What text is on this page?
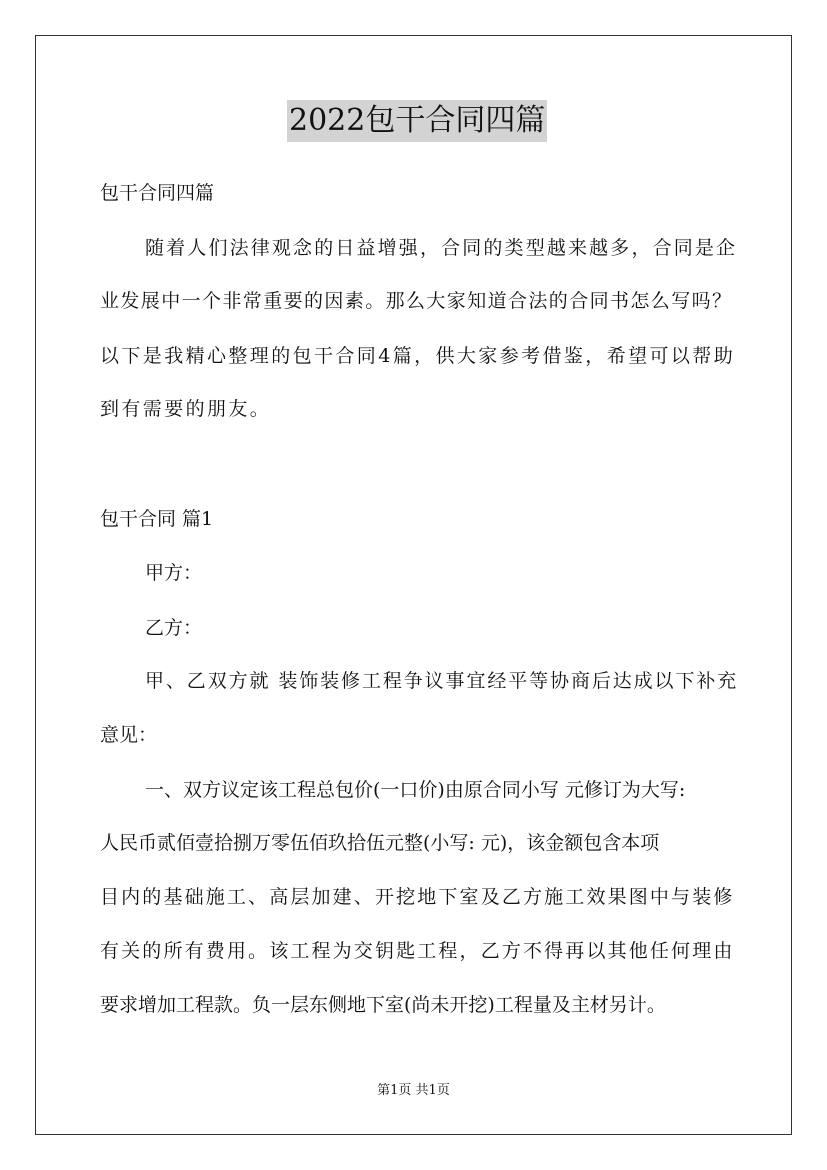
2022包干合同四篇
包干合同四篇
随着人们法律观念的日益增强，合同的类型越来越多，合同是企
业发展中一个非常重要的因素。那么大家知道合法的合同书怎么写吗？
以下是我精心整理的包干合同4篇，供大家参考借鉴，希望可以帮助
到有需要的朋友。
包干合同 篇1
甲方：
乙方：
甲、乙双方就 装饰装修工程争议事宜经平等协商后达成以下补充
意见：
一、双方议定该工程总包价(一口价)由原合同小写 元修订为大写:
人民币贰佰壹拾捌万零伍佰玖拾伍元整(小写: 元)，该金额包含本项
目内的基础施工、高层加建、开挖地下室及乙方施工效果图中与装修
有关的所有费用。该工程为交钥匙工程，乙方不得再以其他任何理由
要求增加工程款。负一层东侧地下室(尚未开挖)工程量及主材另计。
第1页 共1页
